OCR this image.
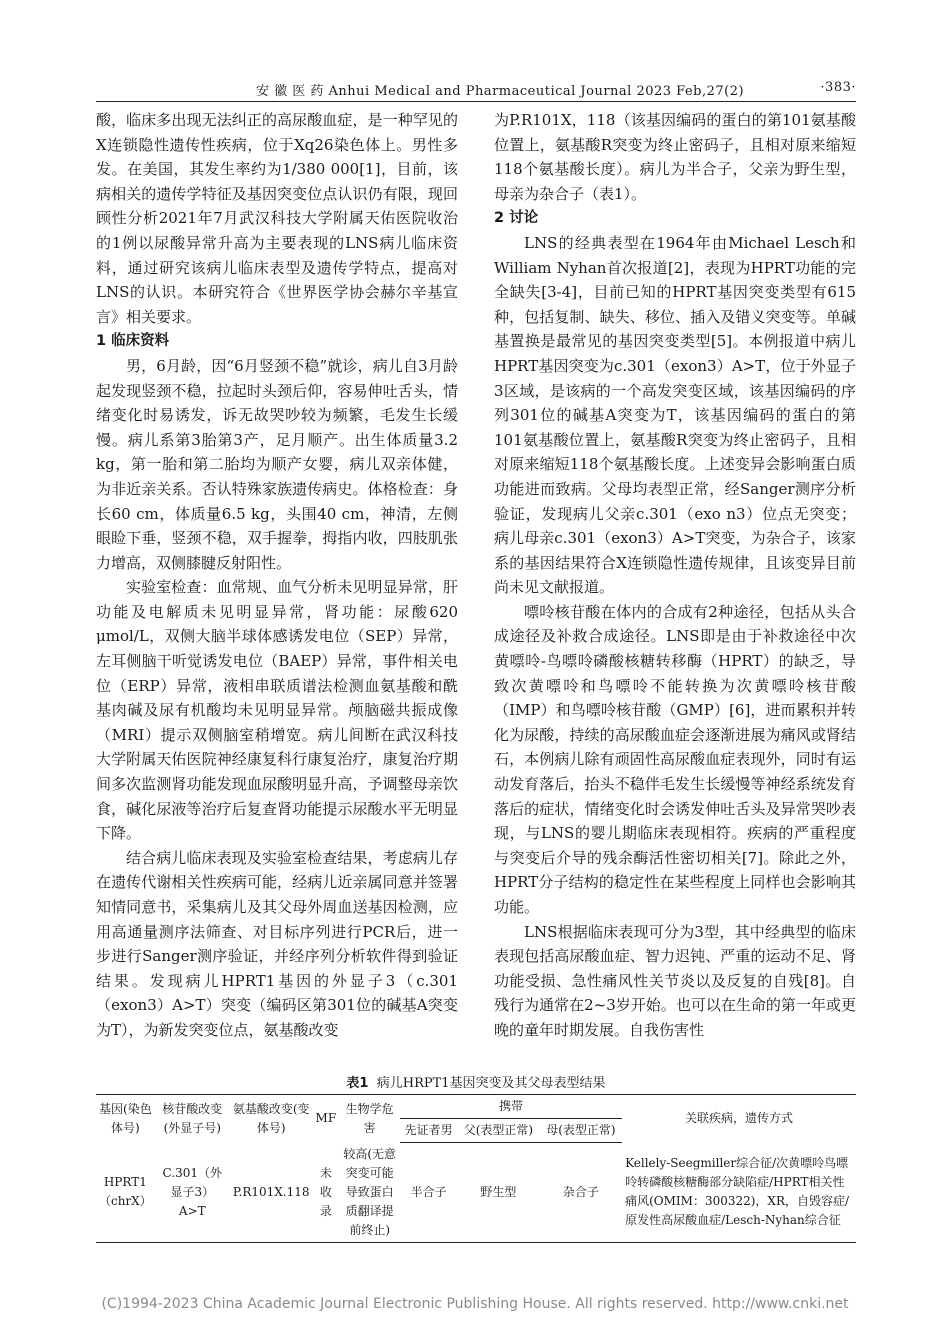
安 徽 医 药 Anhui Medical and Pharmaceutical Journal 2023 Feb,27(2)	·383·

酸，临床多出现无法纠正的高尿酸血症，是一种罕见的X连锁隐性遗传性疾病，位于Xq26染色体上。男性多发。在美国，其发生率约为1/380 000[1]，目前，该病相关的遗传学特征及基因突变位点认识仍有限，现回顾性分析2021年7月武汉科技大学附属天佑医院收治的1例以尿酸异常升高为主要表现的LNS病儿临床资料，通过研究该病儿临床表型及遗传学特点，提高对LNS的认识。本研究符合《世界医学协会赫尔辛基宣言》相关要求。

1 临床资料

男，6月龄，因“6月竖颈不稳”就诊，病儿自3月龄起发现竖颈不稳，拉起时头颈后仰，容易伸吐舌头，情绪变化时易诱发，诉无故哭吵较为频繁，毛发生长缓慢。病儿系第3胎第3产，足月顺产。出生体质量3.2 kg，第一胎和第二胎均为顺产女婴，病儿双亲体健，为非近亲关系。否认特殊家族遗传病史。体格检查：身长60 cm，体质量6.5 kg，头围40 cm，神清，左侧眼睑下垂，竖颈不稳，双手握拳，拇指内收，四肢肌张力增高，双侧膝腱反射阳性。

实验室检查：血常规、血气分析未见明显异常，肝功能及电解质未见明显异常，肾功能：尿酸620 μmol/L，双侧大脑半球体感诱发电位（SEP）异常，左耳侧脑干听觉诱发电位（BAEP）异常，事件相关电位（ERP）异常，液相串联质谱法检测血氨基酸和酰基肉碱及尿有机酸均未见明显异常。颅脑磁共振成像（MRI）提示双侧脑室稍增宽。病儿间断在武汉科技大学附属天佑医院神经康复科行康复治疗，康复治疗期间多次监测肾功能发现血尿酸明显升高，予调整母亲饮食，碱化尿液等治疗后复查肾功能提示尿酸水平无明显下降。

结合病儿临床表现及实验室检查结果，考虑病儿存在遗传代谢相关性疾病可能，经病儿近亲属同意并签署知情同意书，采集病儿及其父母外周血送基因检测，应用高通量测序法筛查、对目标序列进行PCR后，进一步进行Sanger测序验证，并经序列分析软件得到验证结果。发现病儿HPRT1基因的外显子3（c.301（exon3）A>T）突变（编码区第301位的碱基A突变为T），为新发突变位点，氨基酸改变

为P.R101X，118（该基因编码的蛋白的第101氨基酸位置上，氨基酸R突变为终止密码子，且相对原来缩短118个氨基酸长度）。病儿为半合子，父亲为野生型，母亲为杂合子（表1）。

2 讨论

LNS的经典表型在1964年由Michael Lesch和William Nyhan首次报道[2]，表现为HPRT功能的完全缺失[3-4]，目前已知的HPRT基因突变类型有615种，包括复制、缺失、移位、插入及错义突变等。单碱基置换是最常见的基因突变类型[5]。本例报道中病儿HPRT基因突变为c.301（exon3）A>T，位于外显子3区域，是该病的一个高发突变区域，该基因编码的序列301位的碱基A突变为T，该基因编码的蛋白的第101氨基酸位置上，氨基酸R突变为终止密码子，且相对原来缩短118个氨基酸长度。上述变异会影响蛋白质功能进而致病。父母均表型正常，经Sanger测序分析验证，发现病儿父亲c.301（exo n3）位点无突变；病儿母亲c.301（exon3）A>T突变，为杂合子，该家系的基因结果符合X连锁隐性遗传规律，且该变异目前尚未见文献报道。

嘌呤核苷酸在体内的合成有2种途径，包括从头合成途径及补救合成途径。LNS即是由于补救途径中次黄嘌呤-鸟嘌呤磷酸核糖转移酶（HPRT）的缺乏，导致次黄嘌呤和鸟嘌呤不能转换为次黄嘌呤核苷酸（IMP）和鸟嘌呤核苷酸（GMP）[6]，进而累积并转化为尿酸，持续的高尿酸血症会逐渐进展为痛风或肾结石，本例病儿除有顽固性高尿酸血症表现外，同时有运动发育落后，抬头不稳伴毛发生长缓慢等神经系统发育落后的症状，情绪变化时会诱发伸吐舌头及异常哭吵表现，与LNS的婴儿期临床表现相符。疾病的严重程度与突变后介导的残余酶活性密切相关[7]。除此之外，HPRT分子结构的稳定性在某些程度上同样也会影响其功能。

LNS根据临床表现可分为3型，其中经典型的临床表现包括高尿酸血症、智力迟钝、严重的运动不足、肾功能受损、急性痛风性关节炎以及反复的自残[8]。自残行为通常在2~3岁开始。也可以在生命的第一年或更晚的童年时期发展。自我伤害性

表1 病儿HRPT1基因突变及其父母表型结果
基因(染色体号)	核苷酸改变(外显子号)	氨基酸改变(变体号)	MF	生物学危害	携带			关联疾病，遗传方式
					先证者男	父(表型正常)	母(表型正常)	
HPRT1（chrX）	C.301（外显子3）A>T	P.R101X.118	未收录	较高(无意突变可能导致蛋白质翻译提前终止)	半合子	野生型	杂合子	Kellely-Seegmiller综合征/次黄嘌呤鸟嘌呤转磷酸核糖酶部分缺陷症/HPRT相关性痛风(OMIM：300322)，XR，自毁容症/原发性高尿酸血症/Lesch-Nyhan综合征
(C)1994-2023 China Academic Journal Electronic Publishing House. All rights reserved. http://www.cnki.net
